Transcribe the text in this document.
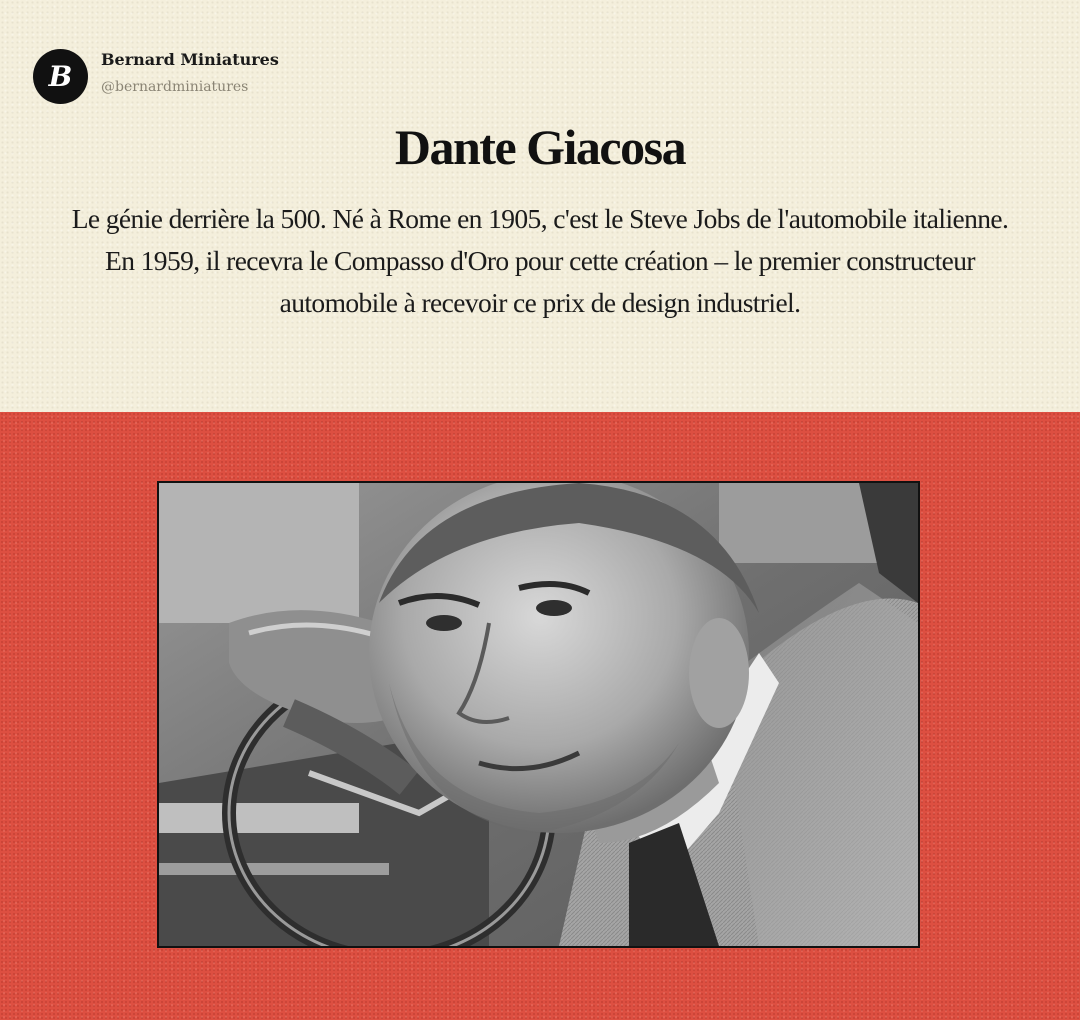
B
Bernard Miniatures
@bernardminiatures
Dante Giacosa

Le génie derrière la 500. Né à Rome en 1905, c'est le Steve Jobs de l'automobile italienne. En 1959, il recevra le Compasso d'Oro pour cette création – le premier constructeur automobile à recevoir ce prix de design industriel.
